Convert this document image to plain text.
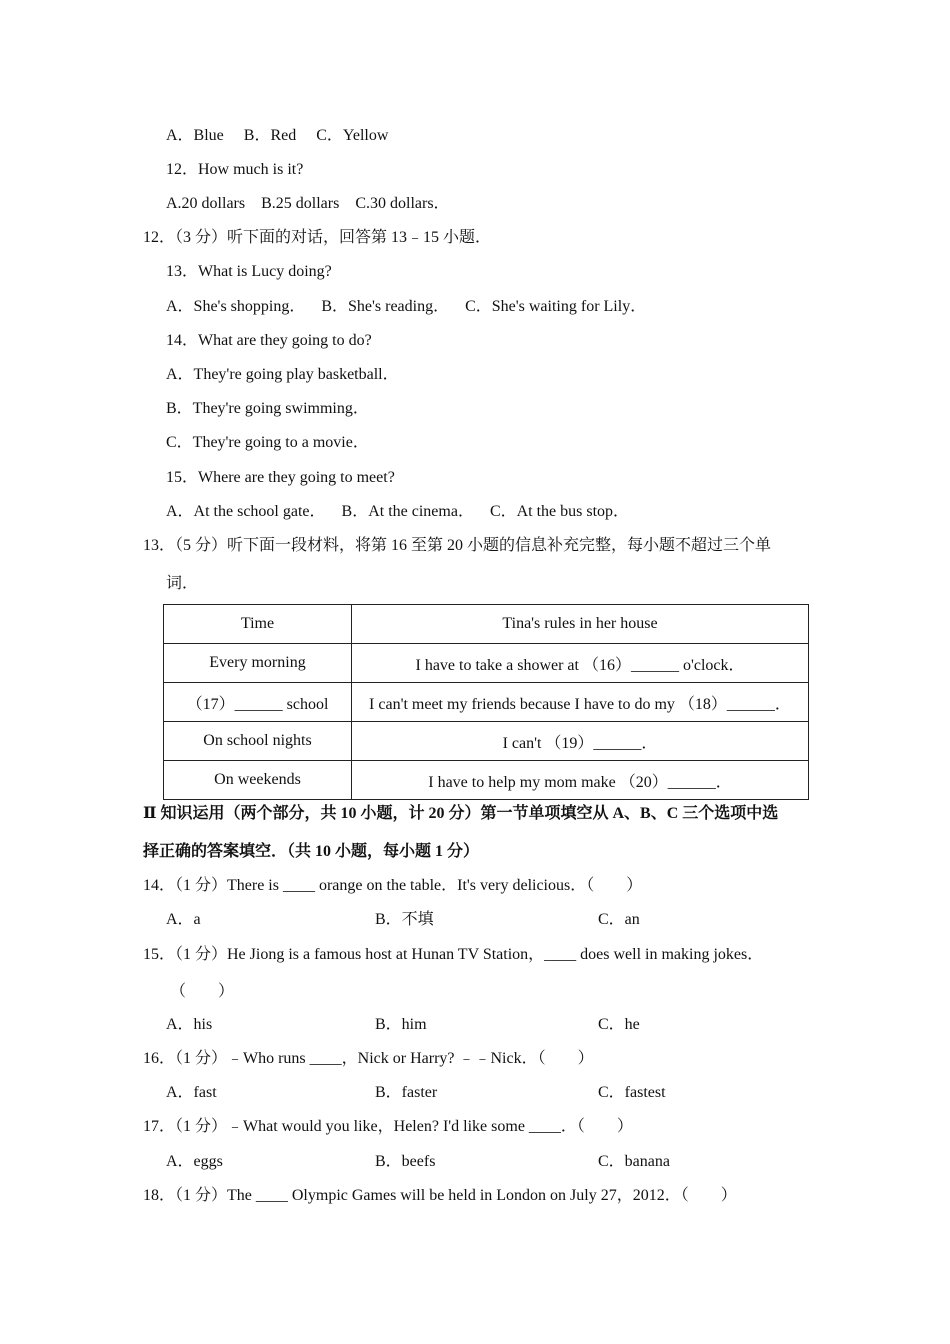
A．Blue     B．Red     C．Yellow
12．How much is it?
A.20 dollars    B.25 dollars    C.30 dollars．
12．（3 分）听下面的对话，回答第 13﹣15 小题．
13．What is Lucy doing?
A．She's shopping．    B．She's reading．    C．She's waiting for Lily．
14．What are they going to do?
A．They're going play basketball．
B．They're going swimming．
C．They're going to a movie．
15．Where are they going to meet?
A．At the school gate．    B．At the cinema．    C．At the bus stop．
13．（5 分）听下面一段材料，将第 16 至第 20 小题的信息补充完整，每小题不超过三个单
词．
Time	Tina's rules in her house
Every morning	I have to take a shower at （16）______ o'clock．
（17）______ school	I can't meet my friends because I have to do my （18）______．
On school nights	I can't （19）______．
On weekends	I have to help my mom make （20）______．
Ⅱ 知识运用（两个部分，共 10 小题，计 20 分）第一节单项填空从 A、B、C 三个选项中选
择正确的答案填空．（共 10 小题，每小题 1 分）
14．（1 分）There is ____ orange on the table．It's very delicious．（        ）
A．a	B．不填	C．an
15．（1 分）He Jiong is a famous host at Hunan TV Station，____ does well in making jokes．
（        ）
A．his	B．him	C．he
16．（1 分）﹣Who runs ____，Nick or Harry? ﹣﹣Nick．（        ）
A．fast	B．faster	C．fastest
17．（1 分）﹣What would you like，Helen? I'd like some ____．（        ）
A．eggs	B．beefs	C．banana
18．（1 分）The ____ Olympic Games will be held in London on July 27，2012．（        ）
